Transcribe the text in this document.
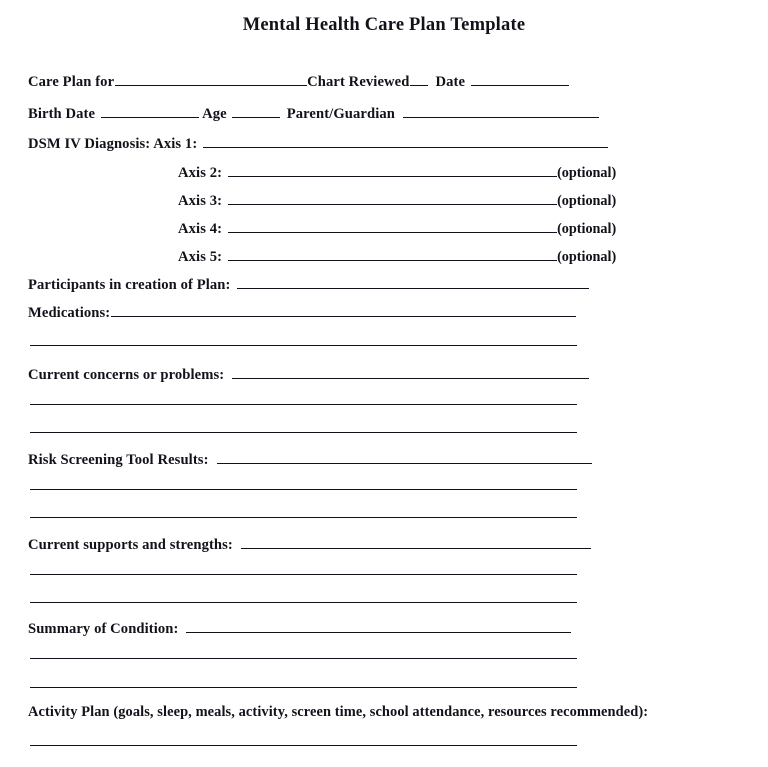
Mental Health Care Plan Template
Care Plan for	Chart Reviewed Date
Birth Date	Age	Parent/Guardian
DSM IV Diagnosis: Axis 1:
Axis 2:	(optional)
Axis 3:	(optional)
Axis 4:	(optional)
Axis 5:	(optional)
Participants in creation of Plan:
Medications:
Current concerns or problems:
Risk Screening Tool Results:
Current supports and strengths:
Summary of Condition:
Activity Plan (goals, sleep, meals, activity, screen time, school attendance, resources recommended):
